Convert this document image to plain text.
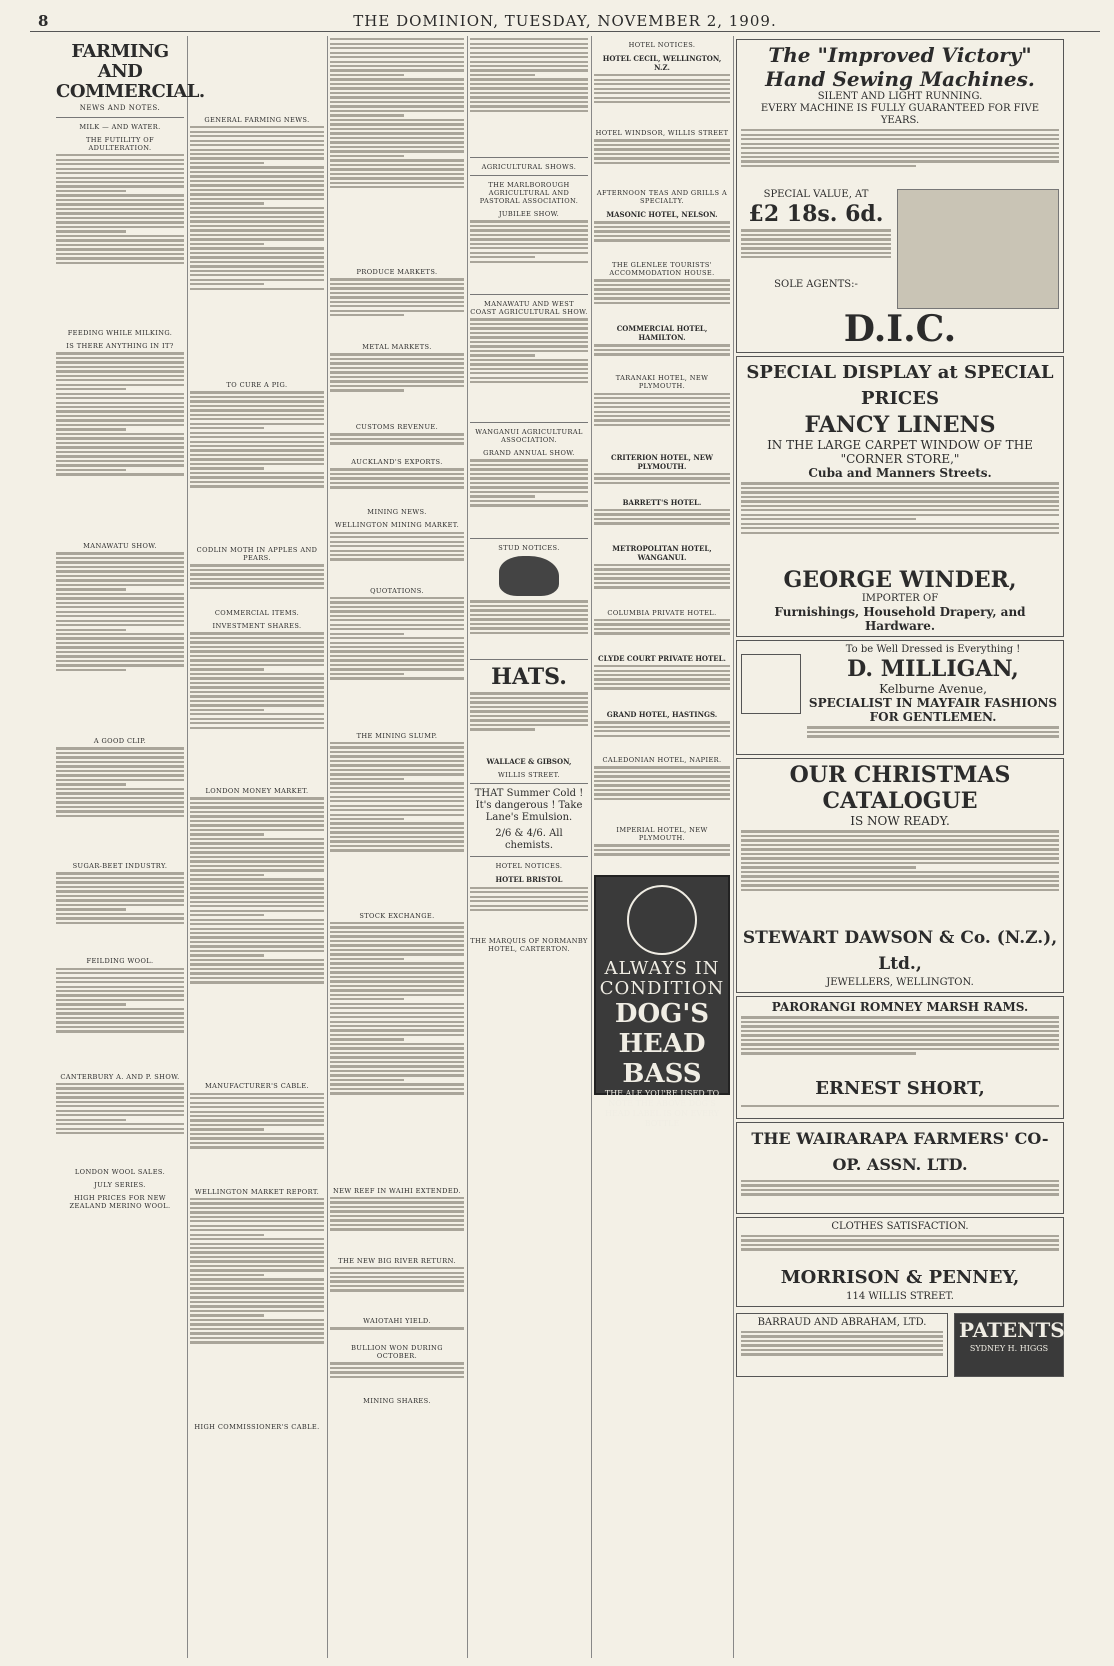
8	THE DOMINION, TUESDAY, NOVEMBER 2, 1909.
FARMING AND COMMERCIAL.
NEWS AND NOTES.
MILK — AND WATER.
THE FUTILITY OF ADULTERATION.
FEEDING WHILE MILKING.
IS THERE ANYTHING IN IT?
MANAWATU SHOW.
A GOOD CLIP.
SUGAR-BEET INDUSTRY.
FEILDING WOOL.
CANTERBURY A. AND P. SHOW.
LONDON WOOL SALES.
JULY SERIES.
HIGH PRICES FOR NEW ZEALAND MERINO WOOL.
GENERAL FARMING NEWS.
TO CURE A PIG.
CODLIN MOTH IN APPLES AND PEARS.
COMMERCIAL ITEMS.
INVESTMENT SHARES.
LONDON MONEY MARKET.
MANUFACTURER'S CABLE.
WELLINGTON MARKET REPORT.
HIGH COMMISSIONER'S CABLE.
PRODUCE MARKETS.
METAL MARKETS.
CUSTOMS REVENUE.
AUCKLAND'S EXPORTS.
MINING NEWS.
WELLINGTON MINING MARKET.
QUOTATIONS.
THE MINING SLUMP.
STOCK EXCHANGE.
NEW REEF IN WAIHI EXTENDED.
THE NEW BIG RIVER RETURN.
WAIOTAHI YIELD.
BULLION WON DURING OCTOBER.
MINING SHARES.
AGRICULTURAL SHOWS.
THE MARLBOROUGH AGRICULTURAL AND PASTORAL ASSOCIATION.
JUBILEE SHOW.
MANAWATU AND WEST COAST AGRICULTURAL SHOW.
WANGANUI AGRICULTURAL ASSOCIATION.
GRAND ANNUAL SHOW.
STUD NOTICES.
HATS.
WALLACE & GIBSON,
WILLIS STREET.
THAT Summer Cold ! It's dangerous ! Take Lane's Emulsion.
2/6 & 4/6. All chemists.
HOTEL NOTICES.
HOTEL BRISTOL
THE MARQUIS OF NORMANBY HOTEL, CARTERTON.
HOTEL NOTICES.
HOTEL CECIL, WELLINGTON, N.Z.
HOTEL WINDSOR, WILLIS STREET
AFTERNOON TEAS AND GRILLS A SPECIALTY.
MASONIC HOTEL, NELSON.
THE GLENLEE TOURISTS' ACCOMMODATION HOUSE.
COMMERCIAL HOTEL, HAMILTON.
TARANAKI HOTEL, NEW PLYMOUTH.
CRITERION HOTEL, NEW PLYMOUTH.
BARRETT'S HOTEL.
METROPOLITAN HOTEL, WANGANUI.
COLUMBIA PRIVATE HOTEL.
CLYDE COURT PRIVATE HOTEL.
GRAND HOTEL, HASTINGS.
CALEDONIAN HOTEL, NAPIER.
IMPERIAL HOTEL, NEW PLYMOUTH.
ALWAYS IN CONDITION
DOG'S HEAD BASS
THE ALE YOU'RE USED TO
NOTE THE ABOVE DOG'S HEAD LABEL IS ON EVERY BOTTLE
The "Improved Victory"
Hand Sewing Machines.
SILENT AND LIGHT RUNNING.
EVERY MACHINE IS FULLY GUARANTEED FOR FIVE YEARS.
SPECIAL VALUE, AT
£2 18s. 6d.
SOLE AGENTS:-
D.I.C.
SPECIAL DISPLAY at SPECIAL PRICES
FANCY LINENS
IN THE LARGE CARPET WINDOW OF THE "CORNER STORE,"
Cuba and Manners Streets.
GEORGE WINDER,
IMPORTER OF
Furnishings, Household Drapery, and Hardware.
To be Well Dressed is Everything !
D. MILLIGAN,
Kelburne Avenue,
SPECIALIST IN MAYFAIR FASHIONS FOR GENTLEMEN.
OUR CHRISTMAS CATALOGUE
IS NOW READY.
STEWART DAWSON & Co. (N.Z.), Ltd.,
JEWELLERS, WELLINGTON.
PARORANGI ROMNEY MARSH RAMS.
ERNEST SHORT,
THE WAIRARAPA FARMERS' CO-OP. ASSN. LTD.
CLOTHES SATISFACTION.
MORRISON & PENNEY,
114 WILLIS STREET.
BARRAUD AND ABRAHAM, LTD.	PATENTS
SYDNEY H. HIGGS
